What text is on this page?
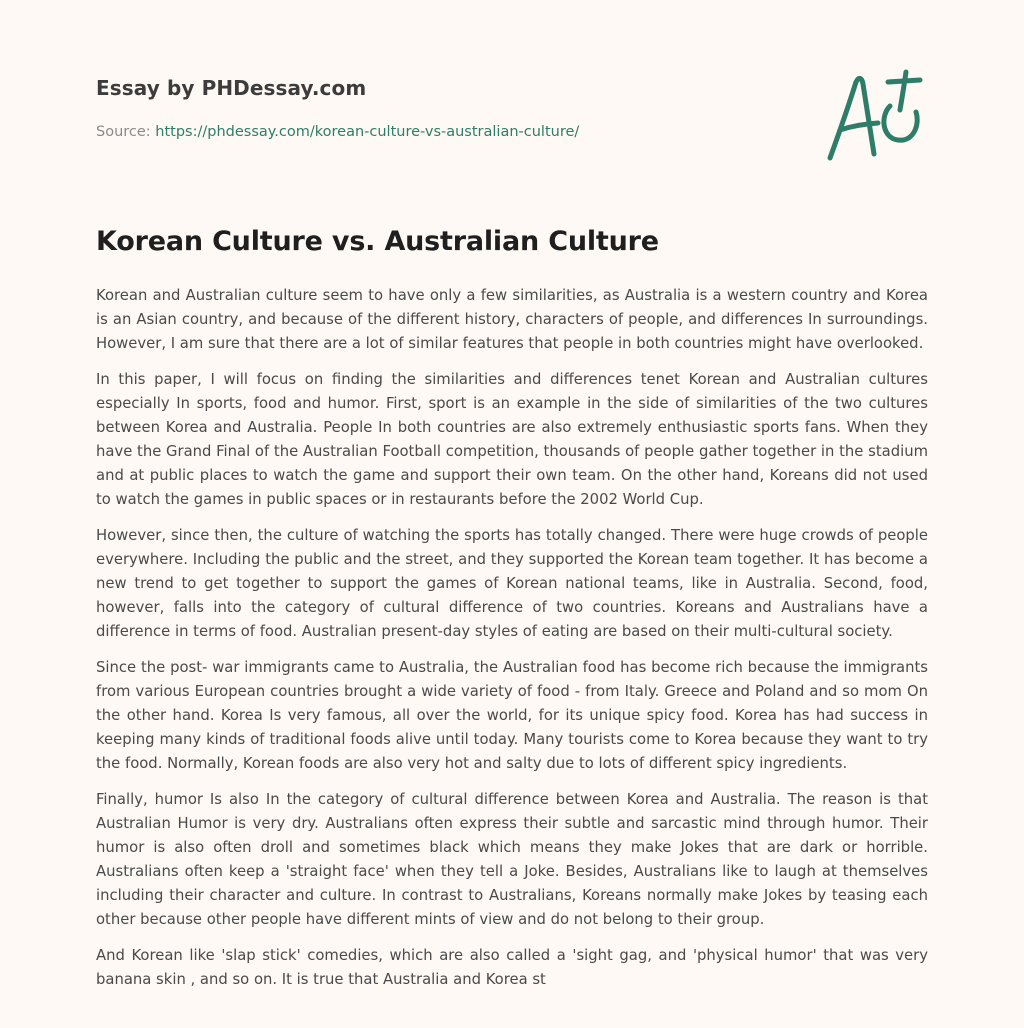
Essay by PHDessay.com
Source: https://phdessay.com/korean-culture-vs-australian-culture/
Korean Culture vs. Australian Culture

Korean and Australian culture seem to have only a few similarities, as Australia is a western country and Korea is an Asian country, and because of the different history, characters of people, and differences In surroundings. However, I am sure that there are a lot of similar features that people in both countries might have overlooked.

In this paper, I will focus on finding the similarities and differences tenet Korean and Australian cultures especially In sports, food and humor. First, sport is an example in the side of similarities of the two cultures between Korea and Australia. People In both countries are also extremely enthusiastic sports fans. When they have the Grand Final of the Australian Football competition, thousands of people gather together in the stadium and at public places to watch the game and support their own team. On the other hand, Koreans did not used to watch the games in public spaces or in restaurants before the 2002 World Cup.

However, since then, the culture of watching the sports has totally changed. There were huge crowds of people everywhere. Including the public and the street, and they supported the Korean team together. It has become a new trend to get together to support the games of Korean national teams, like in Australia. Second, food, however, falls into the category of cultural difference of two countries. Koreans and Australians have a difference in terms of food. Australian present-day styles of eating are based on their multi-cultural society.

Since the post- war immigrants came to Australia, the Australian food has become rich because the immigrants from various European countries brought a wide variety of food - from Italy. Greece and Poland and so mom On the other hand. Korea Is very famous, all over the world, for its unique spicy food. Korea has had success in keeping many kinds of traditional foods alive until today. Many tourists come to Korea because they want to try the food. Normally, Korean foods are also very hot and salty due to lots of different spicy ingredients.

Finally, humor Is also In the category of cultural difference between Korea and Australia. The reason is that Australian Humor is very dry. Australians often express their subtle and sarcastic mind through humor. Their humor is also often droll and sometimes black which means they make Jokes that are dark or horrible. Australians often keep a 'straight face' when they tell a Joke. Besides, Australians like to laugh at themselves including their character and culture. In contrast to Australians, Koreans normally make Jokes by teasing each other because other people have different mints of view and do not belong to their group.

And Korean like 'slap stick' comedies, which are also called a 'sight gag, and 'physical humor' that was very banana skin , and so on. It is true that Australia and Korea st
